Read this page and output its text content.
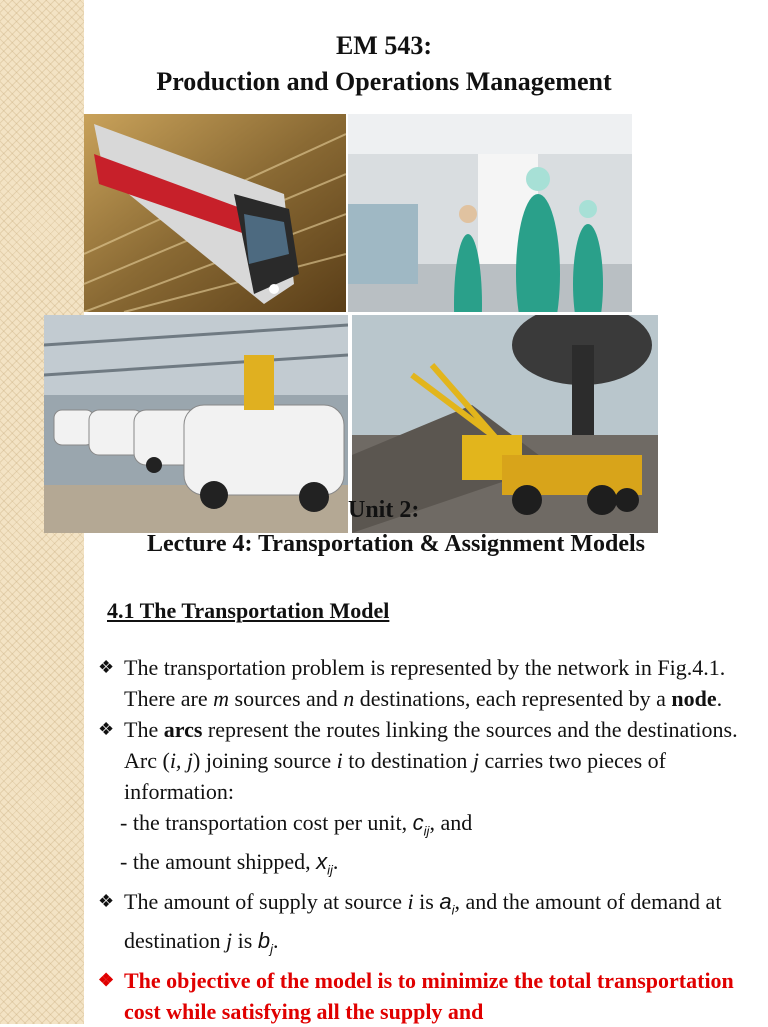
EM 543:
Production and Operations Management
Unit 2:
Lecture 4: Transportation & Assignment Models
4.1 The Transportation Model
❖ The transportation problem is represented by the network in Fig.4.1. There are m sources and n destinations, each represented by a node.
❖ The arcs represent the routes linking the sources and the destinations. Arc (i, j) joining source i to destination j carries two pieces of information:
- the transportation cost per unit, $c_{ij}$, and
- the amount shipped, $x_{ij}$.
❖ The amount of supply at source i is $a_i$, and the amount of demand at destination j is $b_j$.
❖ The objective of the model is to minimize the total transportation cost while satisfying all the supply and
